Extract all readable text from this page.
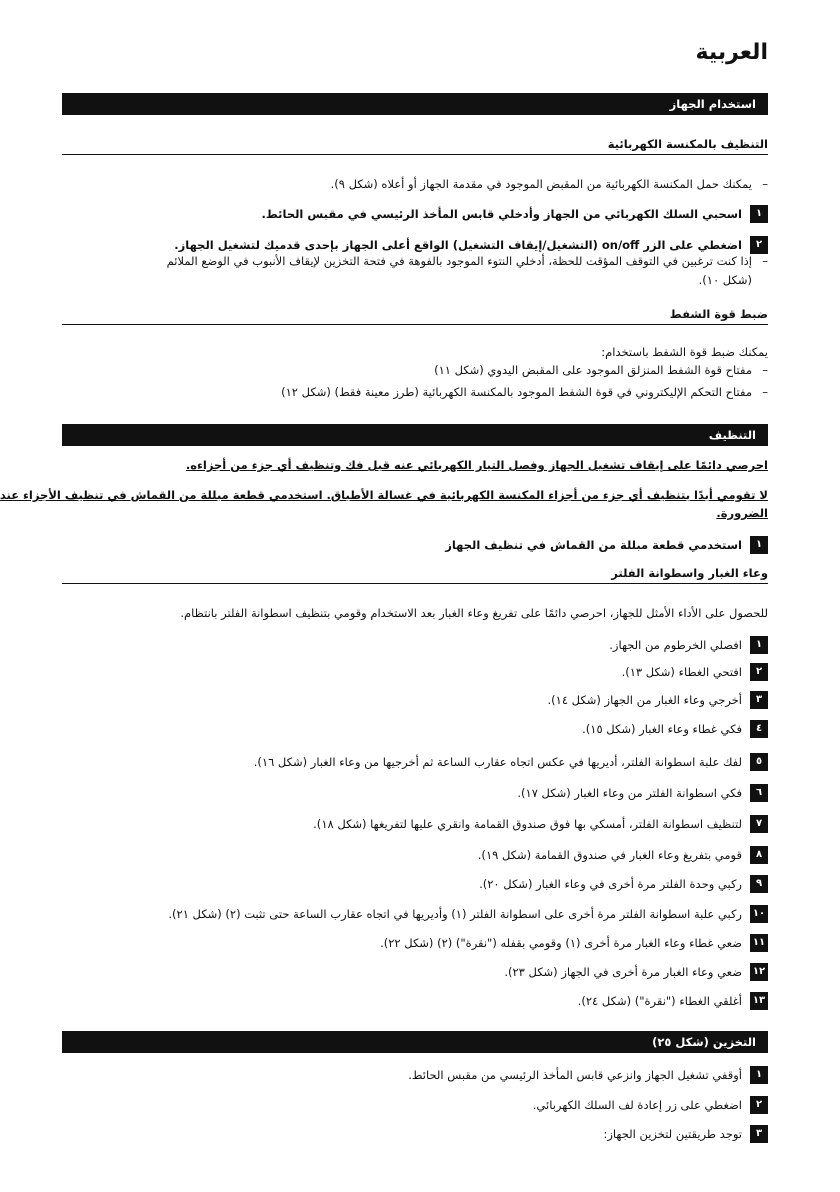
العربية
استخدام الجهاز
التنظيف بالمكنسة الكهربائية
–يمكنك حمل المكنسة الكهربائية من المقبض الموجود في مقدمة الجهاز أو أعلاه (شكل ٩).
١
اسحبي السلك الكهربائي من الجهاز وأدخلي قابس المأخذ الرئيسي في مقبس الحائط.
٢
اضغطي على الزر on/off (التشغيل/إيقاف التشغيل) الواقع أعلى الجهاز بإحدى قدميك لتشغيل الجهاز.
–إذا كنت ترغبين في التوقف المؤقت للحظة، أدخلي النتوء الموجود بالفوهة في فتحة التخزين لإيقاف الأنبوب في الوضع الملائم
(شكل ١٠).
ضبط قوة الشفط
يمكنك ضبط قوة الشفط باستخدام:
–مفتاح قوة الشفط المنزلق الموجود على المقبض اليدوي (شكل ١١)
–مفتاح التحكم الإليكتروني في قوة الشفط الموجود بالمكنسة الكهربائية (طرز معينة فقط) (شكل ١٢)
التنظيف
احرصي دائمًا على إيقاف تشغيل الجهاز وفصل التيار الكهربائي عنه قبل فك وتنظيف أي جزء من أجزاءه.
لا تقومي أبدًا بتنظيف أي جزء من أجزاء المكنسة الكهربائية في غسالة الأطباق. استخدمي قطعة مبللة من القماش في تنظيف الأجزاء عند
الضرورة.
١
استخدمي قطعة مبللة من القماش في تنظيف الجهاز
وعاء الغبار واسطوانة الفلتر
للحصول على الأداء الأمثل للجهاز، احرصي دائمًا على تفريغ وعاء الغبار بعد الاستخدام وقومي بتنظيف اسطوانة الفلتر بانتظام.
١
افصلي الخرطوم من الجهاز.
٢
افتحي الغطاء (شكل ١٣).
٣
أخرجي وعاء الغبار من الجهاز (شكل ١٤).
٤
فكي غطاء وعاء الغبار (شكل ١٥).
٥
لفك علبة اسطوانة الفلتر، أديريها في عكس اتجاه عقارب الساعة ثم أخرجيها من وعاء الغبار (شكل ١٦).
٦
فكي اسطوانة الفلتر من وعاء الغبار (شكل ١٧).
٧
لتنظيف اسطوانة الفلتر، أمسكي بها فوق صندوق القمامة وانقري عليها لتفريغها (شكل ١٨).
٨
قومي بتفريغ وعاء الغبار في صندوق القمامة (شكل ١٩).
٩
ركبي وحدة الفلتر مرة أخرى في وعاء الغبار (شكل ٢٠).
١٠
ركبي علبة اسطوانة الفلتر مرة أخرى على اسطوانة الفلتر (١) وأديريها في اتجاه عقارب الساعة حتى تثبت (٢) (شكل ٢١).
١١
ضعي غطاء وعاء الغبار مرة أخرى (١) وقومي بقفله ("نقرة") (٢) (شكل ٢٢).
١٢
ضعي وعاء الغبار مرة أخرى في الجهاز (شكل ٢٣).
١٣
أغلقي الغطاء ("نقرة") (شكل ٢٤).
التخزين (شكل ٢٥)
١
أوقفي تشغيل الجهاز وانزعي قابس المأخذ الرئيسي من مقبس الحائط.
٢
اضغطي على زر إعادة لف السلك الكهربائي.
٣
توجد طريقتين لتخزين الجهاز:
